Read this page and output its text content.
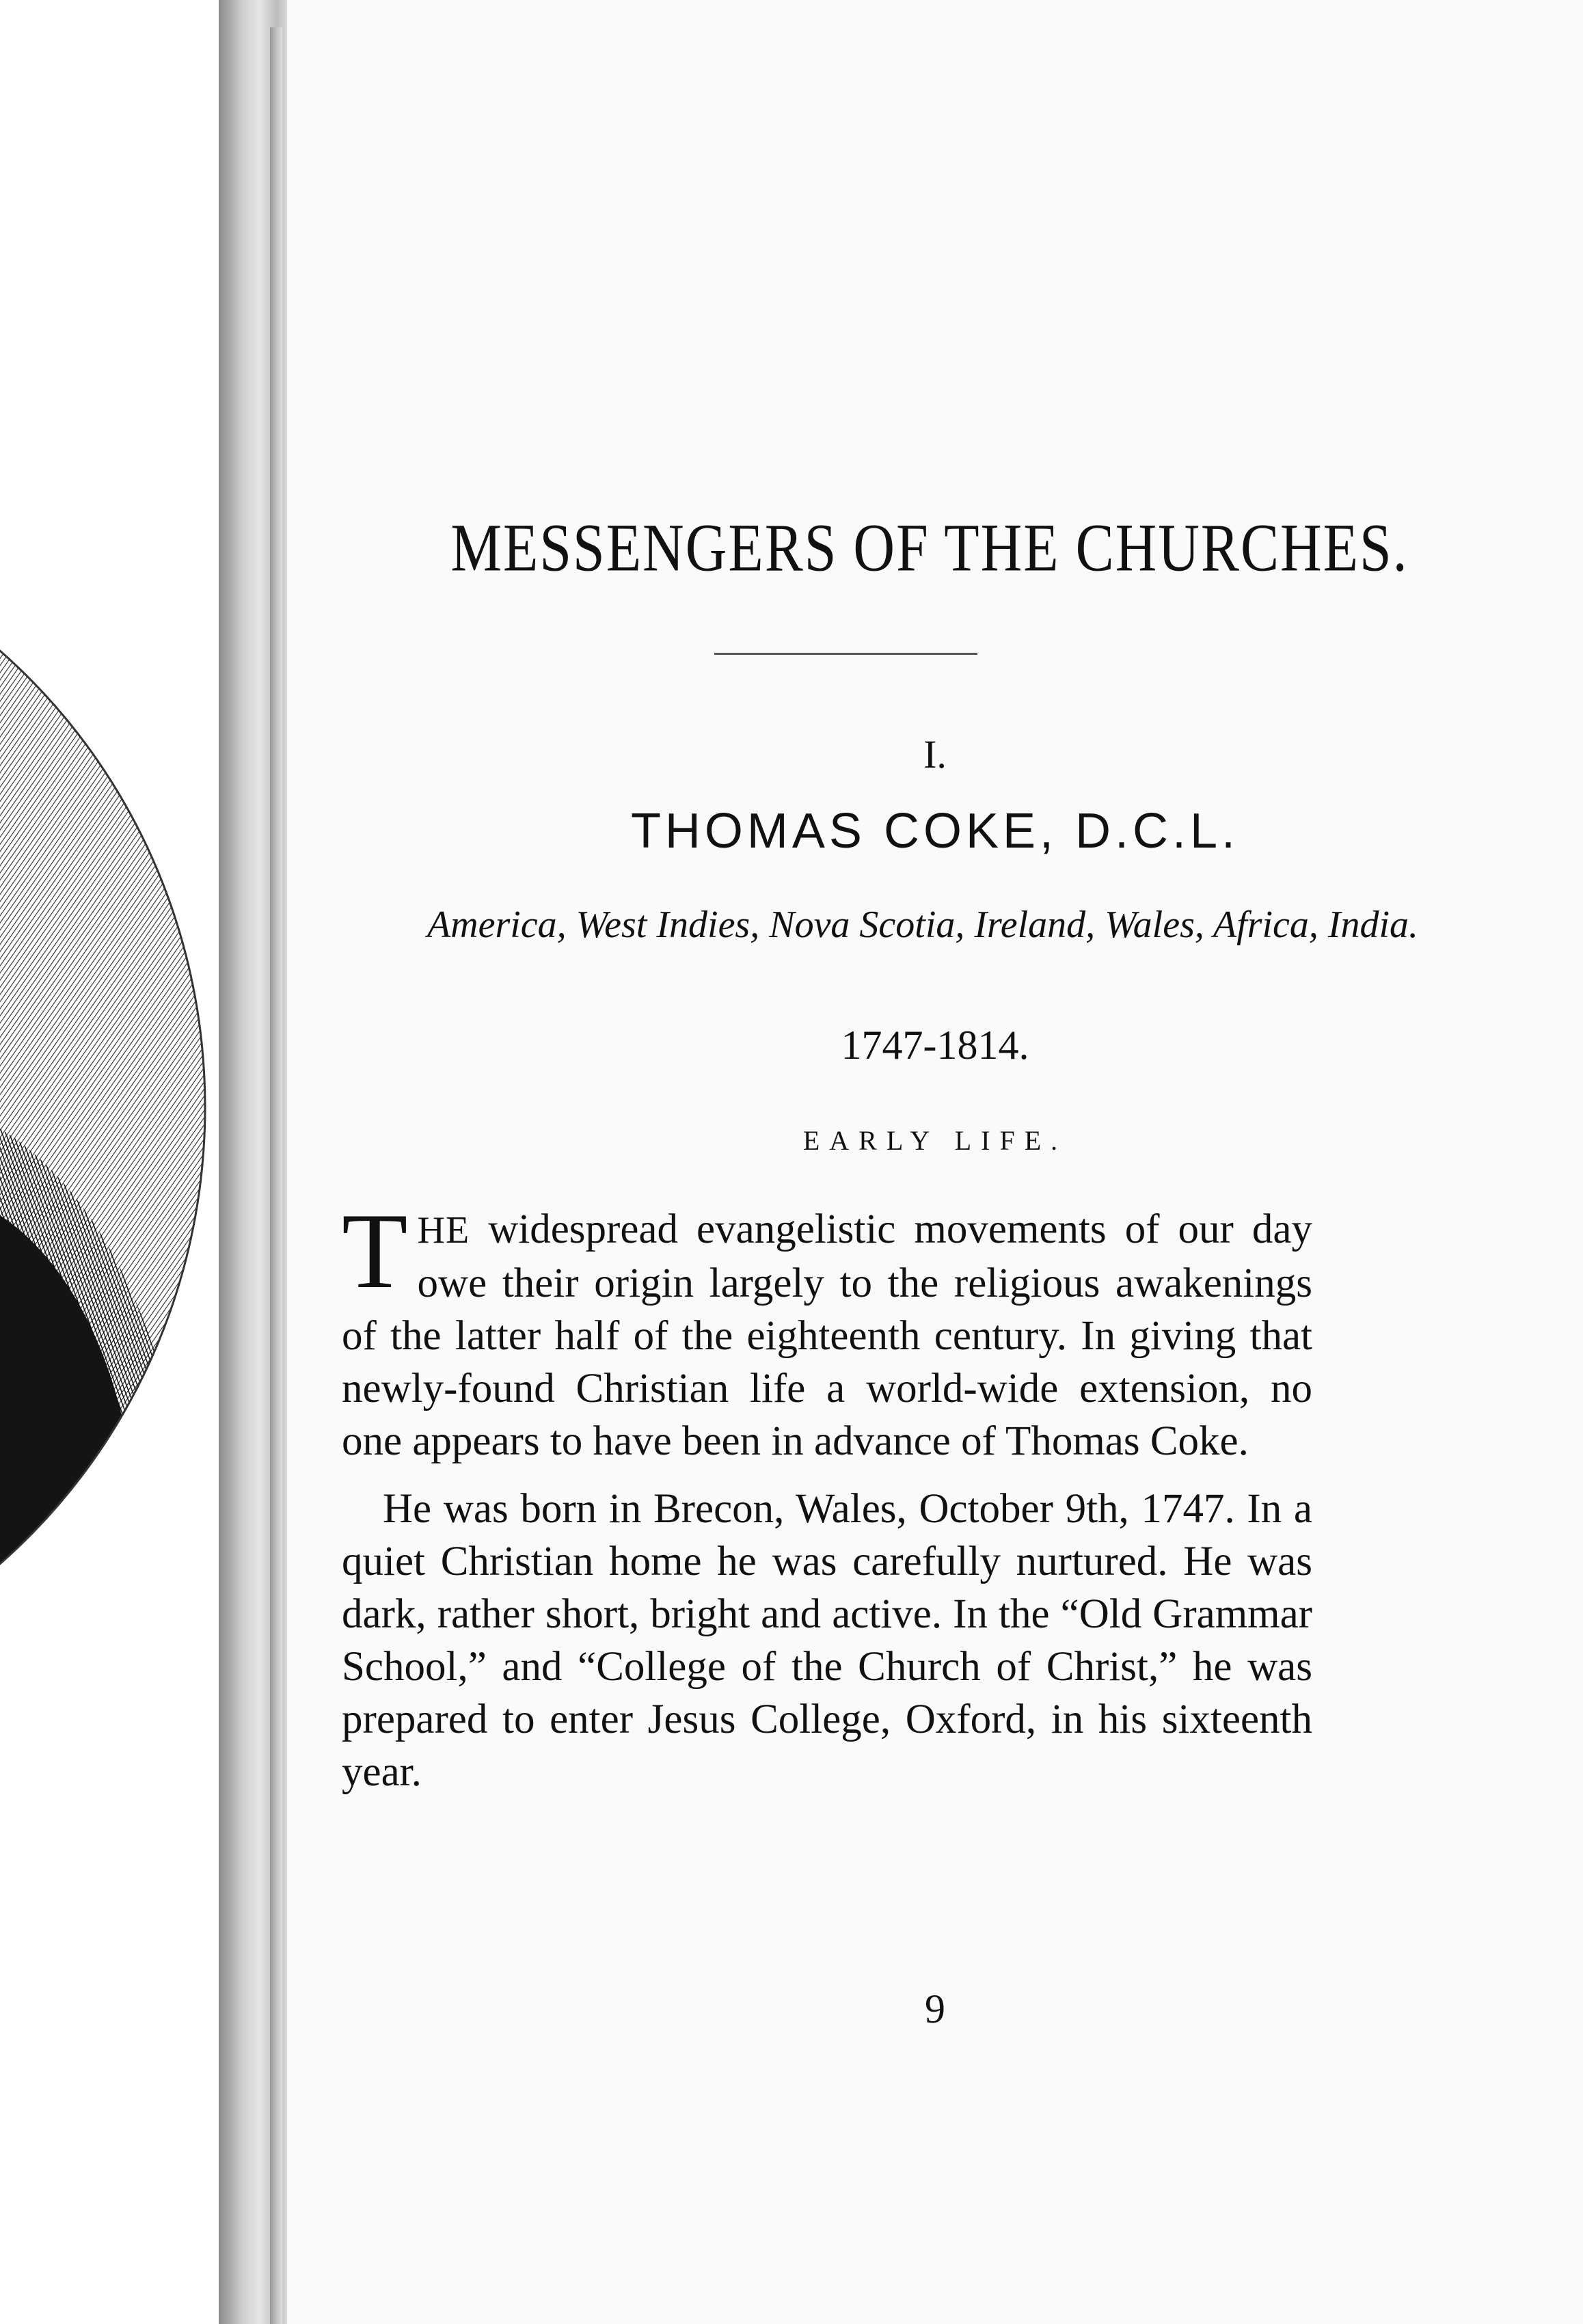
MESSENGERS OF THE CHURCHES.
I.
THOMAS COKE, D.C.L.
America, West Indies, Nova Scotia, Ireland, Wales, Africa, India.
1747-1814.
EARLY LIFE.

THE widespread evangelistic movements of our day owe their origin largely to the religious awakenings of the latter half of the eighteenth century. In giving that newly-found Christian life a world-wide extension, no one appears to have been in advance of Thomas Coke.

He was born in Brecon, Wales, October 9th, 1747. In a quiet Christian home he was carefully nurtured. He was dark, rather short, bright and active. In the “Old Grammar School,” and “College of the Church of Christ,” he was prepared to enter Jesus College, Oxford, in his sixteenth year.

9
